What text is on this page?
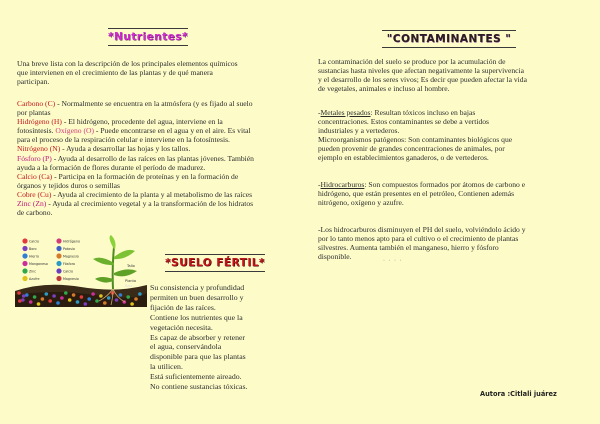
*Nutrientes*	"CONTAMINANTES "
*SUELO FÉRTIL*
Una breve lista con la descripción de los principales elementos químicos
que intervienen en el crecimiento de las plantas y de qué manera
participan.
Carbono (C) - Normalmente se encuentra en la atmósfera (y es fijado al suelo
por plantas
Hidrógeno (H) - El hidrógeno, procedente del agua, interviene en la
fotosíntesis. Oxígeno (O) - Puede encontrarse en el agua y en el aire. Es vital
para el proceso de la respiración celular e interviene en la fotosíntesis.
Nitrógeno (N) - Ayuda a desarrollar las hojas y los tallos.
Fósforo (P) - Ayuda al desarrollo de las raíces en las plantas jóvenes. También
ayuda a la formación de flores durante el período de madurez.
Calcio (Ca) - Participa en la formación de proteínas y en la formación de
órganos y tejidos duros o semillas
Cobre (Cu) - Ayuda al crecimiento de la planta y al metabolismo de las raíces
Zinc (Zn) - Ayuda al crecimiento vegetal y a la transformación de los hidratos
de carbono.
Calcio
Boro
Hierro
Manganeso
Zinc
Azufre
Hidrógeno
Potasio
Magnesio
Fósforo
Calcio
Magnesio
Tallo
Planta
Raíz Su consistencia y profundidad
permiten un buen desarrollo y
fijación de las raíces.
Contiene los nutrientes que la
vegetación necesita.
Es capaz de absorber y retener
el agua, conservándola
disponible para que las plantas
la utilicen.
Está suficientemente aireado.
No contiene sustancias tóxicas.
La contaminación del suelo se produce por la acumulación de
sustancias hasta niveles que afectan negativamente la supervivencia
y el desarrollo de los seres vivos; Es decir que pueden afectar la vida
de vegetales, animales e incluso al hombre.
-Metales pesados: Resultan tóxicos incluso en bajas
concentraciones. Estos contaminantes se debe a vertidos
industriales y a vertederos.
Microorganismos patógenos: Son contaminantes biológicos que
pueden provenir de grandes concentraciones de animales, por
ejemplo en establecimientos ganaderos, o de vertederos.
-Hidrocarburos: Son compuestos formados por átomos de carbono e
hidrógeno, que están presentes en el petróleo, Contienen además
nitrógeno, oxígeno y azufre.
-Los hidrocarburos disminuyen el PH del suelo, volviéndolo ácido y
por lo tanto menos apto para el cultivo o el crecimiento de plantas
silvestres. Aumenta también el manganeso, hierro y fósforo
disponible.	· · · ·
Autora :Citlali juárez
